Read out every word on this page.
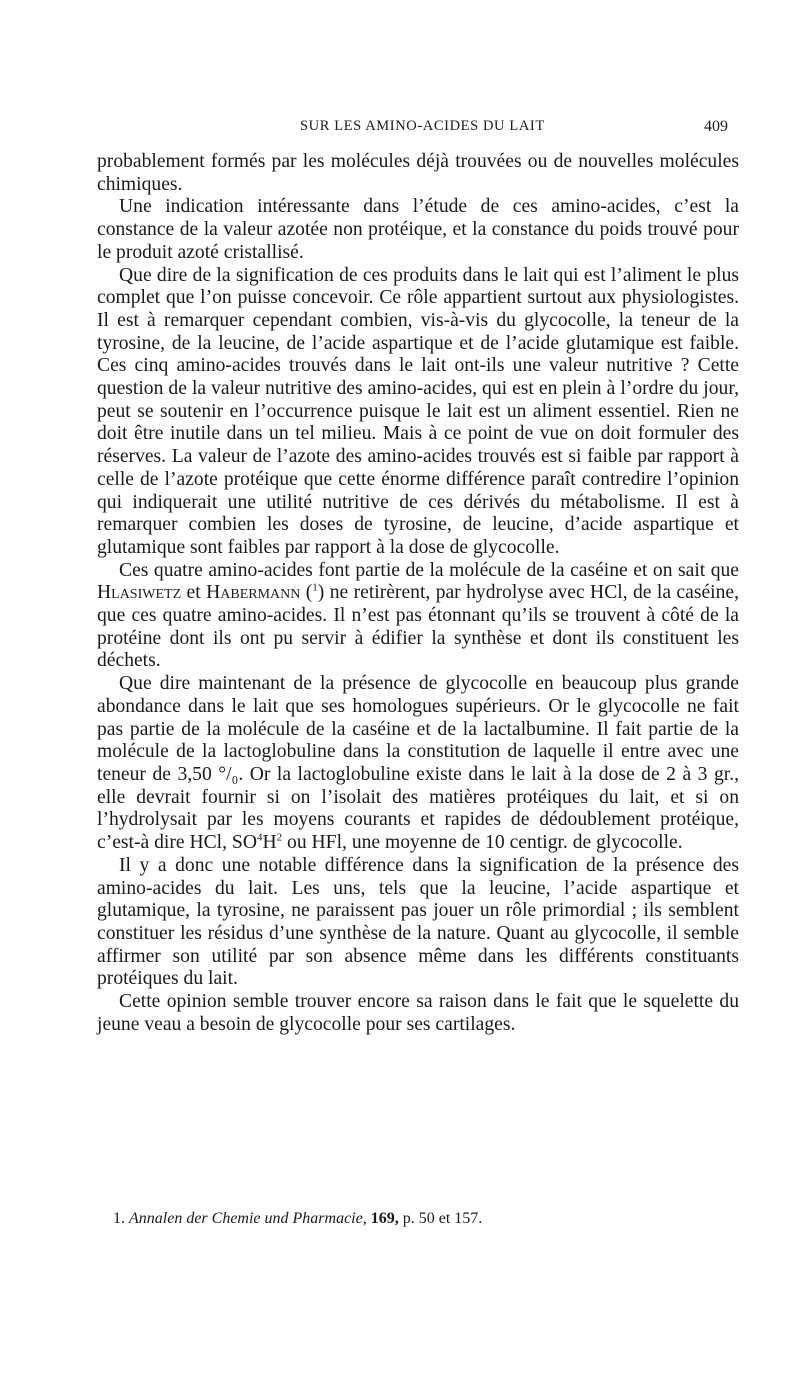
SUR LES AMINO-ACIDES DU LAIT	409

probablement formés par les molécules déjà trouvées ou de nouvelles molécules chimiques.

Une indication intéressante dans l’étude de ces amino-acides, c’est la constance de la valeur azotée non protéique, et la constance du poids trouvé pour le produit azoté cristallisé.

Que dire de la signification de ces produits dans le lait qui est l’aliment le plus complet que l’on puisse concevoir. Ce rôle appartient surtout aux physiologistes. Il est à remarquer cependant combien, vis-à-vis du glycocolle, la teneur de la tyrosine, de la leucine, de l’acide aspartique et de l’acide glutamique est faible. Ces cinq amino-acides trouvés dans le lait ont-ils une valeur nutritive ? Cette question de la valeur nutritive des amino-acides, qui est en plein à l’ordre du jour, peut se soutenir en l’occurrence puisque le lait est un aliment essentiel. Rien ne doit être inutile dans un tel milieu. Mais à ce point de vue on doit formuler des réserves. La valeur de l’azote des amino-acides trouvés est si faible par rapport à celle de l’azote protéique que cette énorme différence paraît contredire l’opinion qui indiquerait une utilité nutritive de ces dérivés du métabolisme. Il est à remarquer combien les doses de tyrosine, de leucine, d’acide aspartique et glutamique sont faibles par rapport à la dose de glycocolle.

Ces quatre amino-acides font partie de la molécule de la caséine et on sait que Hlasiwetz et Habermann ($^1$) ne retirèrent, par hydrolyse avec HCl, de la caséine, que ces quatre amino-acides. Il n’est pas étonnant qu’ils se trouvent à côté de la protéine dont ils ont pu servir à édifier la synthèse et dont ils constituent les déchets.

Que dire maintenant de la présence de glycocolle en beaucoup plus grande abondance dans le lait que ses homologues supérieurs. Or le glycocolle ne fait pas partie de la molécule de la caséine et de la lactalbumine. Il fait partie de la molécule de la lactoglobuline dans la constitution de laquelle il entre avec une teneur de 3,50 °/₀. Or la lactoglobuline existe dans le lait à la dose de 2 à 3 gr., elle devrait fournir si on l’isolait des matières protéiques du lait, et si on l’hydrolysait par les moyens courants et rapides de dédoublement protéique, c’est-à dire HCl, $SO^4H^2$ ou HFl, une moyenne de 10 centigr. de glycocolle.

Il y a donc une notable différence dans la signification de la présence des amino-acides du lait. Les uns, tels que la leucine, l’acide aspartique et glutamique, la tyrosine, ne paraissent pas jouer un rôle primordial ; ils semblent constituer les résidus d’une synthèse de la nature. Quant au glycocolle, il semble affirmer son utilité par son absence même dans les différents constituants protéiques du lait.

Cette opinion semble trouver encore sa raison dans le fait que le squelette du jeune veau a besoin de glycocolle pour ses cartilages.

1. Annalen der Chemie und Pharmacie, 169, p. 50 et 157.
